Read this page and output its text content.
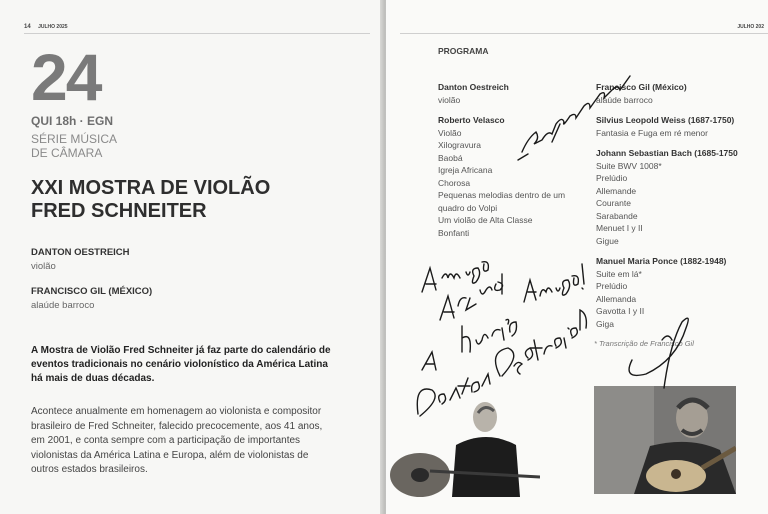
14 JULHO 2025
24
QUI 18h · EGN
SÉRIE MÚSICA
DE CÂMARA
XXI MOSTRA DE VIOLÃO
FRED SCHNEITER
DANTON OESTREICH
violão
FRANCISCO GIL (MÉXICO)
alaúde barroco
A Mostra de Violão Fred Schneiter já faz parte do calendário de eventos tradicionais no cenário violonístico da América Latina há mais de duas décadas.
Acontece anualmente em homenagem ao violonista e compositor brasileiro de Fred Schneiter, falecido precocemente, aos 41 anos, em 2001, e conta sempre com a participação de importantes violonistas da América Latina e Europa, além de violonistas de outros estados brasileiros.
JULHO 202
PROGRAMA
Danton Oestreich
violão
Roberto Velasco
Violão
Xilogravura
Baobá
Igreja Africana
Chorosa
Pequenas melodias dentro de um
quadro do Volpi
Um violão de Alta Classe
Bonfanti
Francisco Gil (México)
alaúde barroco
Silvius Leopold Weiss (1687-1750)
Fantasia e Fuga em ré menor
Johann Sebastian Bach (1685-1750
Suite BWV 1008*
Prelúdio
Allemande
Courante
Sarabande
Menuet I y II
Gigue
Manuel Maria Ponce (1882-1948)
Suite em lá*
Prelúdio
Allemanda
Gavotta I y II
Giga
* Transcrição de Francisco Gil
